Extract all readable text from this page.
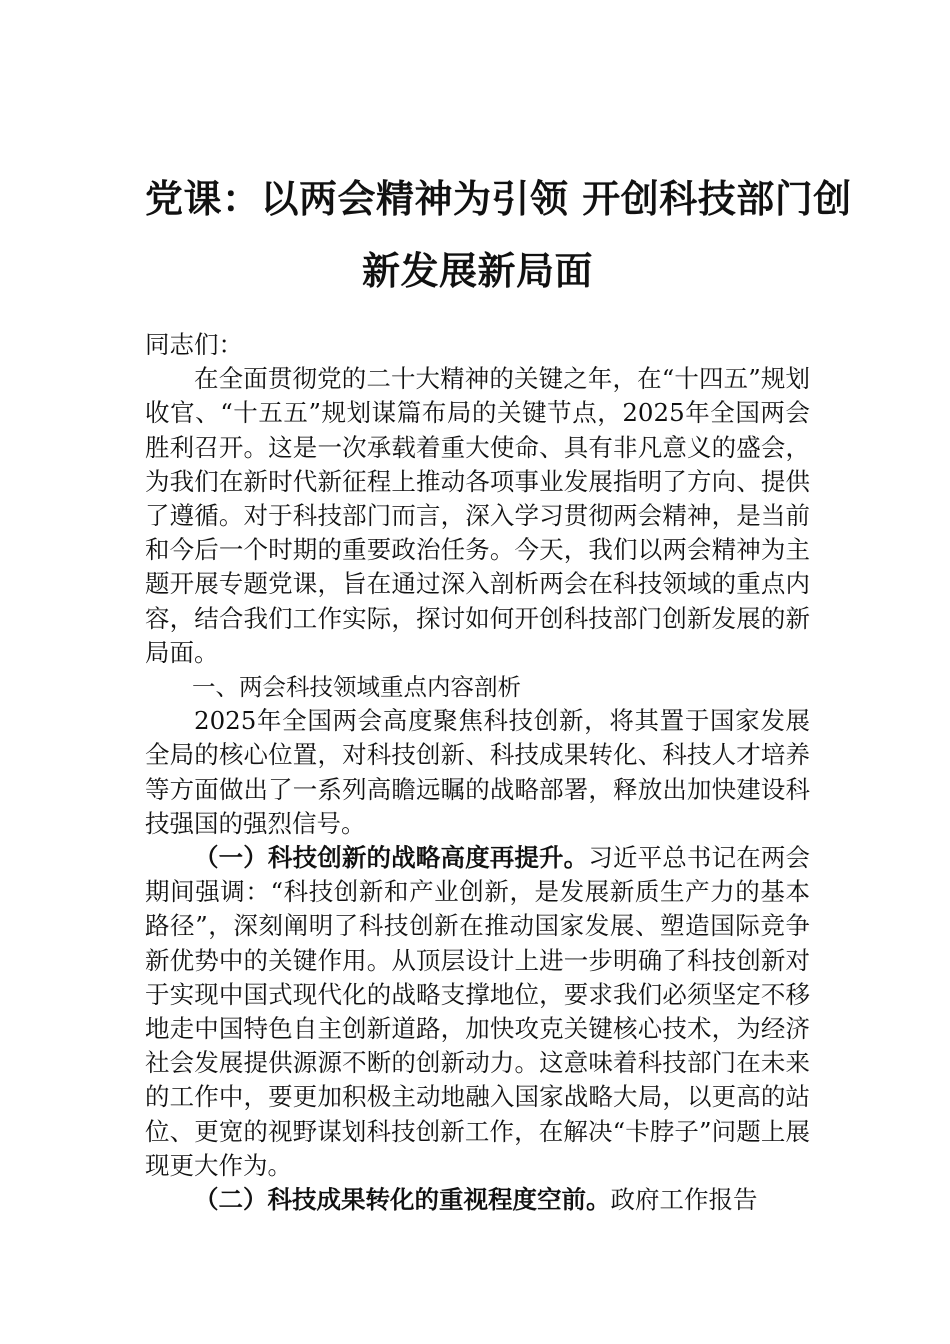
党课：以两会精神为引领 开创科技部门创
新发展新局面

同志们：

在全面贯彻党的二十大精神的关键之年，在“十四五”规划收官、“十五五”规划谋篇布局的关键节点，2025年全国两会胜利召开。这是一次承载着重大使命、具有非凡意义的盛会，为我们在新时代新征程上推动各项事业发展指明了方向、提供了遵循。对于科技部门而言，深入学习贯彻两会精神，是当前和今后一个时期的重要政治任务。今天，我们以两会精神为主题开展专题党课，旨在通过深入剖析两会在科技领域的重点内容，结合我们工作实际，探讨如何开创科技部门创新发展的新局面。

一、两会科技领域重点内容剖析

2025年全国两会高度聚焦科技创新，将其置于国家发展全局的核心位置，对科技创新、科技成果转化、科技人才培养等方面做出了一系列高瞻远瞩的战略部署，释放出加快建设科技强国的强烈信号。

（一）科技创新的战略高度再提升。习近平总书记在两会期间强调：“科技创新和产业创新，是发展新质生产力的基本路径”，深刻阐明了科技创新在推动国家发展、塑造国际竞争新优势中的关键作用。从顶层设计上进一步明确了科技创新对于实现中国式现代化的战略支撑地位，要求我们必须坚定不移地走中国特色自主创新道路，加快攻克关键核心技术，为经济社会发展提供源源不断的创新动力。这意味着科技部门在未来的工作中，要更加积极主动地融入国家战略大局，以更高的站位、更宽的视野谋划科技创新工作，在解决“卡脖子”问题上展现更大作为。

（二）科技成果转化的重视程度空前。政府工作报告
